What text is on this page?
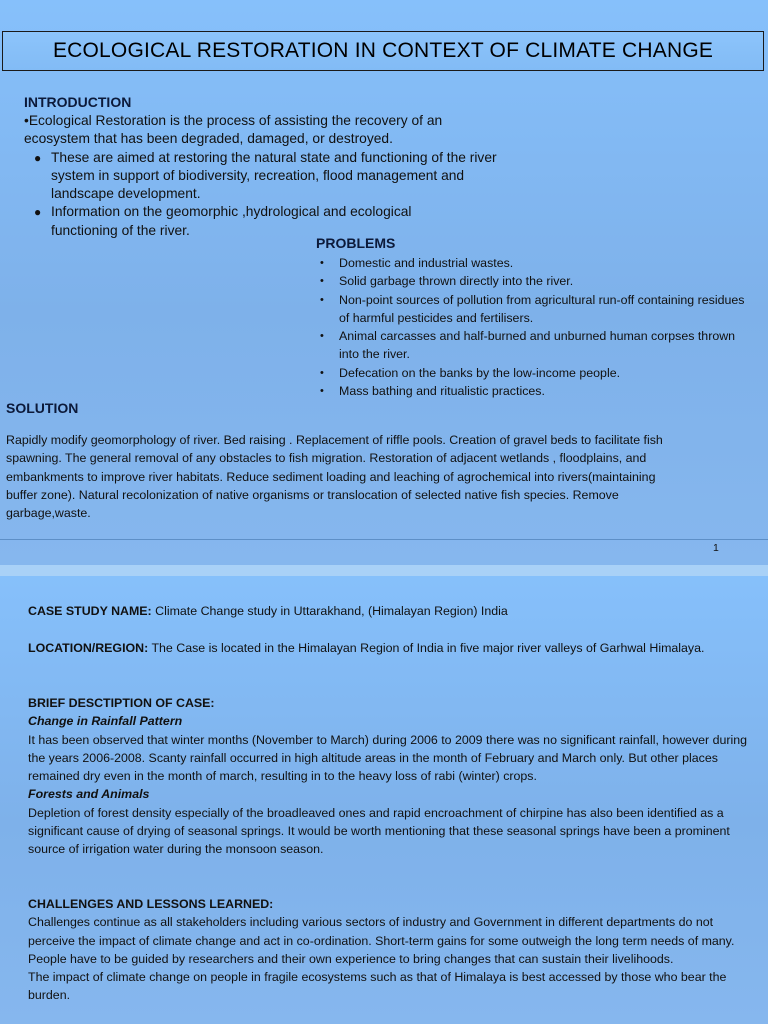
ECOLOGICAL RESTORATION IN CONTEXT OF CLIMATE CHANGE
INTRODUCTION

•Ecological Restoration is the process of assisting the recovery of an

ecosystem that has been degraded, damaged, or destroyed.

● These are aimed at restoring the natural state and functioning of the river system in support of biodiversity, recreation, flood management and landscape development.
● Information on the geomorphic ,hydrological and ecological functioning of the river.
PROBLEMS
• Domestic and industrial wastes.
• Solid garbage thrown directly into the river.
• Non-point sources of pollution from agricultural run-off containing residues of harmful pesticides and fertilisers.
• Animal carcasses and half-burned and unburned human corpses thrown into the river.
• Defecation on the banks by the low-income people.
• Mass bathing and ritualistic practices.
SOLUTION
Rapidly modify geomorphology of river. Bed raising . Replacement of riffle pools. Creation of gravel beds to facilitate fish spawning. The general removal of any obstacles to fish migration. Restoration of adjacent wetlands , floodplains, and embankments to improve river habitats. Reduce sediment loading and leaching of agrochemical into rivers(maintaining buffer zone). Natural recolonization of native organisms or translocation of selected native fish species. Remove garbage,waste.
1

CASE STUDY NAME: Climate Change study in Uttarakhand, (Himalayan Region) India

LOCATION/REGION: The Case is located in the Himalayan Region of India in five major river valleys of Garhwal Himalaya.

BRIEF DESCTIPTION OF CASE:

Change in Rainfall Pattern

It has been observed that winter months (November to March) during 2006 to 2009 there was no significant rainfall, however during the years 2006-2008. Scanty rainfall occurred in high altitude areas in the month of February and March only. But other places remained dry even in the month of march, resulting in to the heavy loss of rabi (winter) crops.

Forests and Animals

Depletion of forest density especially of the broadleaved ones and rapid encroachment of chirpine has also been identified as a significant cause of drying of seasonal springs. It would be worth mentioning that these seasonal springs have been a prominent source of irrigation water during the monsoon season.

CHALLENGES AND LESSONS LEARNED:

Challenges continue as all stakeholders including various sectors of industry and Government in different departments do not perceive the impact of climate change and act in co-ordination. Short-term gains for some outweigh the long term needs of many. People have to be guided by researchers and their own experience to bring changes that can sustain their livelihoods.

The impact of climate change on people in fragile ecosystems such as that of Himalaya is best accessed by those who bear the burden.
